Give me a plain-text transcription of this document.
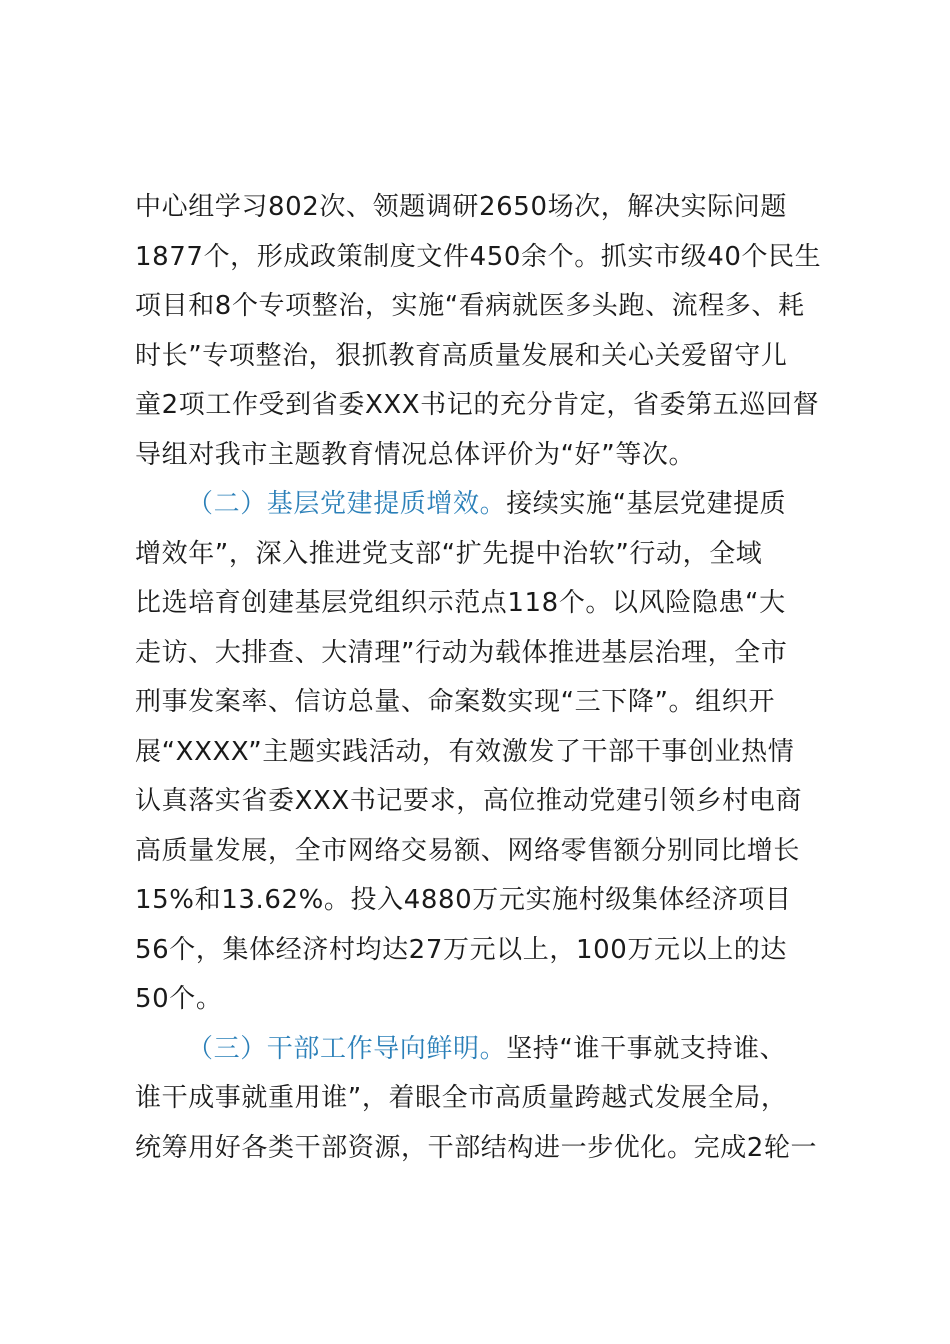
中心组学习802次、领题调研2650场次，解决实际问题
1877个，形成政策制度文件450余个。抓实市级40个民生
项目和8个专项整治，实施“看病就医多头跑、流程多、耗
时长”专项整治，狠抓教育高质量发展和关心关爱留守儿
童2项工作受到省委XXX书记的充分肯定，省委第五巡回督
导组对我市主题教育情况总体评价为“好”等次。
（二）基层党建提质增效。接续实施“基层党建提质
增效年”，深入推进党支部“扩先提中治软”行动，全域
比选培育创建基层党组织示范点118个。以风险隐患“大
走访、大排查、大清理”行动为载体推进基层治理，全市
刑事发案率、信访总量、命案数实现“三下降”。组织开
展“XXXX”主题实践活动，有效激发了干部干事创业热情
认真落实省委XXX书记要求，高位推动党建引领乡村电商
高质量发展，全市网络交易额、网络零售额分别同比增长
15%和13.62%。投入4880万元实施村级集体经济项目
56个，集体经济村均达27万元以上，100万元以上的达
50个。
（三）干部工作导向鲜明。坚持“谁干事就支持谁、
谁干成事就重用谁”，着眼全市高质量跨越式发展全局，
统筹用好各类干部资源，干部结构进一步优化。完成2轮一
